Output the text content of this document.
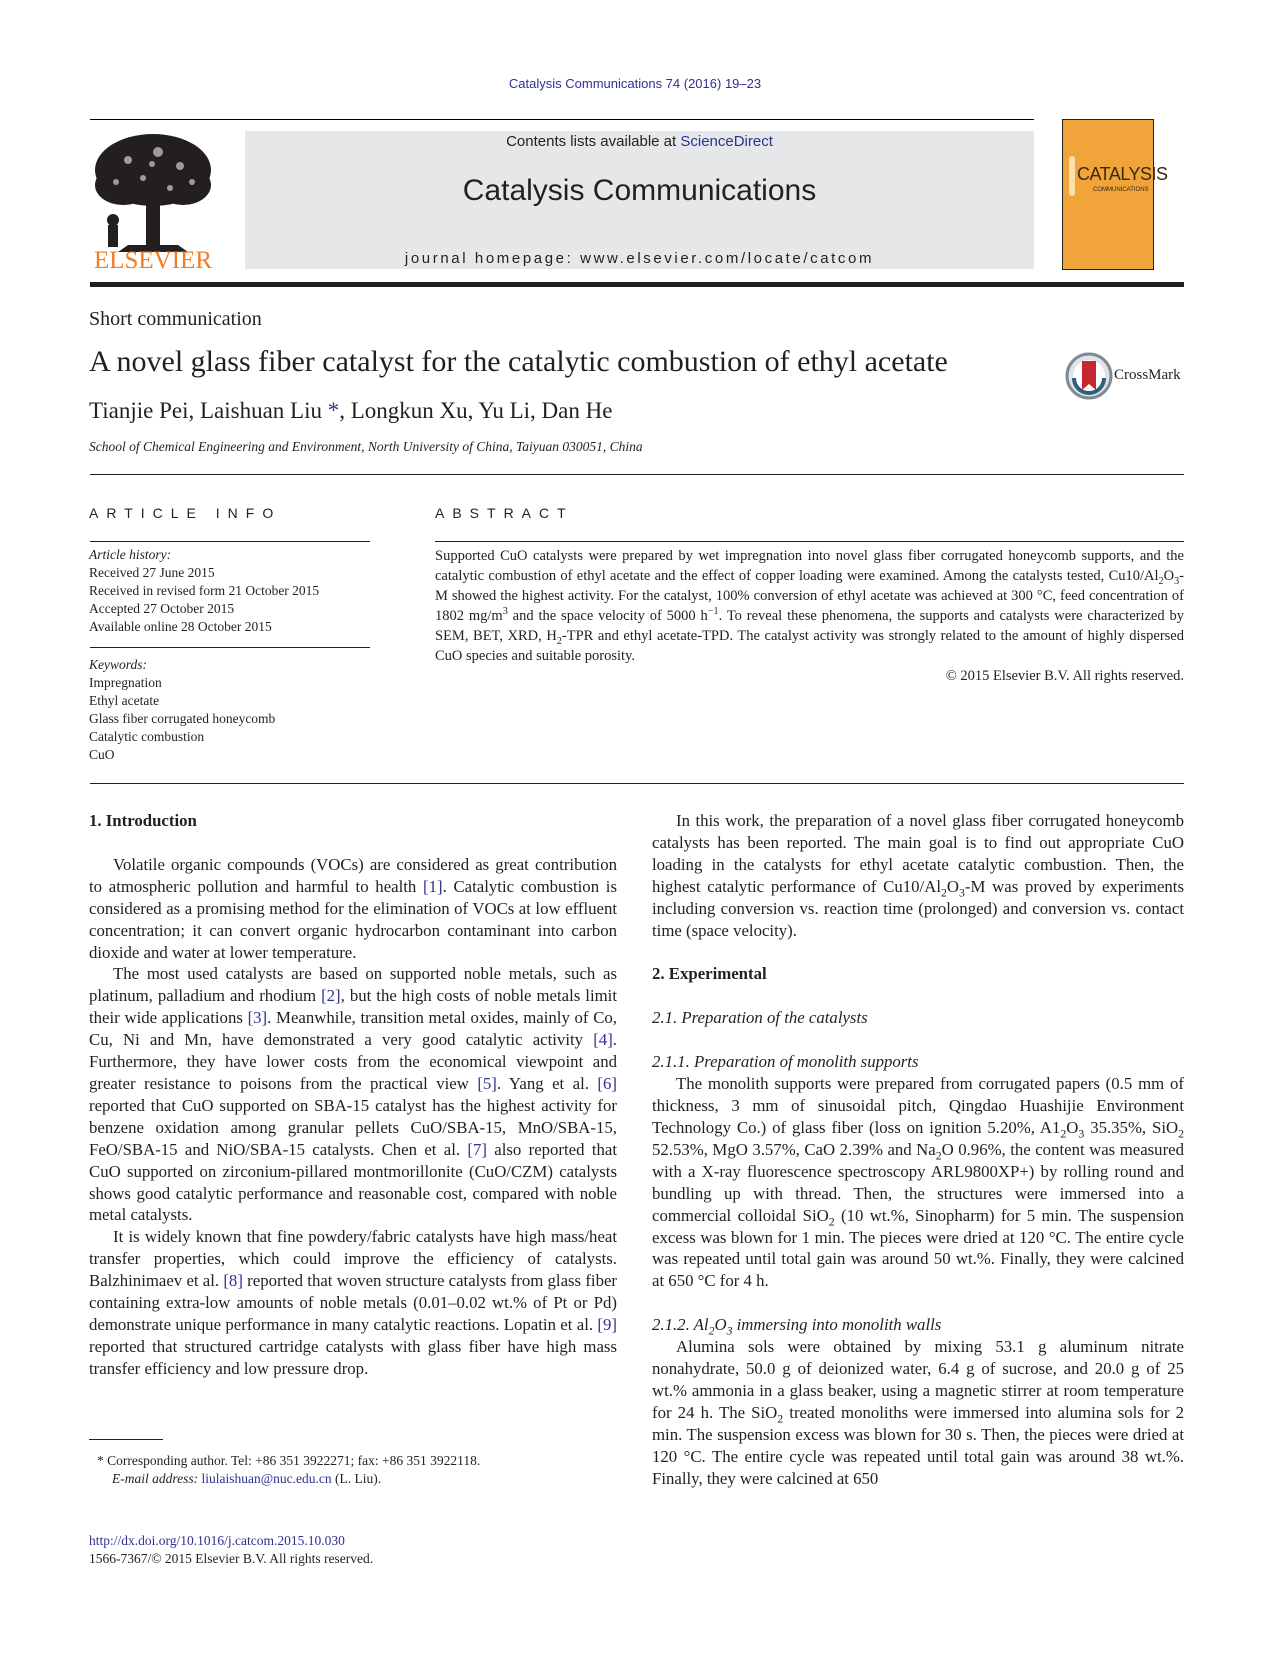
Catalysis Communications 74 (2016) 19–23
ELSEVIER
Contents lists available at ScienceDirect
Catalysis Communications
journal homepage: www.elsevier.com/locate/catcom
CATALYSIS
COMMUNICATIONS
Short communication
A novel glass fiber catalyst for the catalytic combustion of ethyl acetate	CrossMark
Tianjie Pei, Laishuan Liu *, Longkun Xu, Yu Li, Dan He
School of Chemical Engineering and Environment, North University of China, Taiyuan 030051, China
ARTICLE INFO	ABSTRACT
Article history:
Received 27 June 2015
Received in revised form 21 October 2015
Accepted 27 October 2015
Available online 28 October 2015
Keywords:
Impregnation
Ethyl acetate
Glass fiber corrugated honeycomb
Catalytic combustion
CuO
Supported CuO catalysts were prepared by wet impregnation into novel glass fiber corrugated honeycomb supports, and the catalytic combustion of ethyl acetate and the effect of copper loading were examined. Among the catalysts tested, $Cu10/Al_2O_3-M$ showed the highest activity. For the catalyst, 100% conversion of ethyl acetate was achieved at 300 °C, feed concentration of 1802 $mg/m^3$ and the space velocity of 5000 $h^{-1}$. To reveal these phenomena, the supports and catalysts were characterized by SEM, BET, XRD, $H_2$-TPR and ethyl acetate-TPD. The catalyst activity was strongly related to the amount of highly dispersed CuO species and suitable porosity.
© 2015 Elsevier B.V. All rights reserved.

1. Introduction

Volatile organic compounds (VOCs) are considered as great contribution to atmospheric pollution and harmful to health [1]. Catalytic combustion is considered as a promising method for the elimination of VOCs at low effluent concentration; it can convert organic hydrocarbon contaminant into carbon dioxide and water at lower temperature.

The most used catalysts are based on supported noble metals, such as platinum, palladium and rhodium [2], but the high costs of noble metals limit their wide applications [3]. Meanwhile, transition metal oxides, mainly of Co, Cu, Ni and Mn, have demonstrated a very good catalytic activity [4]. Furthermore, they have lower costs from the economical viewpoint and greater resistance to poisons from the practical view [5]. Yang et al. [6] reported that CuO supported on SBA-15 catalyst has the highest activity for benzene oxidation among granular pellets CuO/SBA-15, MnO/SBA-15, FeO/SBA-15 and NiO/SBA-15 catalysts. Chen et al. [7] also reported that CuO supported on zirconium-pillared montmorillonite (CuO/CZM) catalysts shows good catalytic performance and reasonable cost, compared with noble metal catalysts.

It is widely known that fine powdery/fabric catalysts have high mass/heat transfer properties, which could improve the efficiency of catalysts. Balzhinimaev et al. [8] reported that woven structure catalysts from glass fiber containing extra-low amounts of noble metals (0.01–0.02 wt.% of Pt or Pd) demonstrate unique performance in many catalytic reactions. Lopatin et al. [9] reported that structured cartridge catalysts with glass fiber have high mass transfer efficiency and low pressure drop.

In this work, the preparation of a novel glass fiber corrugated honeycomb catalysts has been reported. The main goal is to find out appropriate CuO loading in the catalysts for ethyl acetate catalytic combustion. Then, the highest catalytic performance of $Cu10/Al_2O_3-M$ was proved by experiments including conversion vs. reaction time (prolonged) and conversion vs. contact time (space velocity).

2. Experimental

2.1. Preparation of the catalysts

2.1.1. Preparation of monolith supports

The monolith supports were prepared from corrugated papers (0.5 mm of thickness, 3 mm of sinusoidal pitch, Qingdao Huashijie Environment Technology Co.) of glass fiber (loss on ignition 5.20%, $A1_2O_3$ 35.35%, SiO$_2$ 52.53%, MgO 3.57%, CaO 2.39% and $Na_2O$ 0.96%, the content was measured with a X-ray fluorescence spectroscopy ARL9800XP+) by rolling round and bundling up with thread. Then, the structures were immersed into a commercial colloidal SiO$_2$ (10 wt.%, Sinopharm) for 5 min. The suspension excess was blown for 1 min. The pieces were dried at 120 °C. The entire cycle was repeated until total gain was around 50 wt.%. Finally, they were calcined at 650 °C for 4 h.

2.1.2. $Al_2O_3$ immersing into monolith walls

Alumina sols were obtained by mixing 53.1 g aluminum nitrate nonahydrate, 50.0 g of deionized water, 6.4 g of sucrose, and 20.0 g of 25 wt.% ammonia in a glass beaker, using a magnetic stirrer at room temperature for 24 h. The SiO$_2$ treated monoliths were immersed into alumina sols for 2 min. The suspension excess was blown for 30 s. Then, the pieces were dried at 120 °C. The entire cycle was repeated until total gain was around 38 wt.%. Finally, they were calcined at 650

* Corresponding author. Tel: +86 351 3922271; fax: +86 351 3922118.
E-mail address: liulaishuan@nuc.edu.cn (L. Liu).
http://dx.doi.org/10.1016/j.catcom.2015.10.030
1566-7367/© 2015 Elsevier B.V. All rights reserved.
